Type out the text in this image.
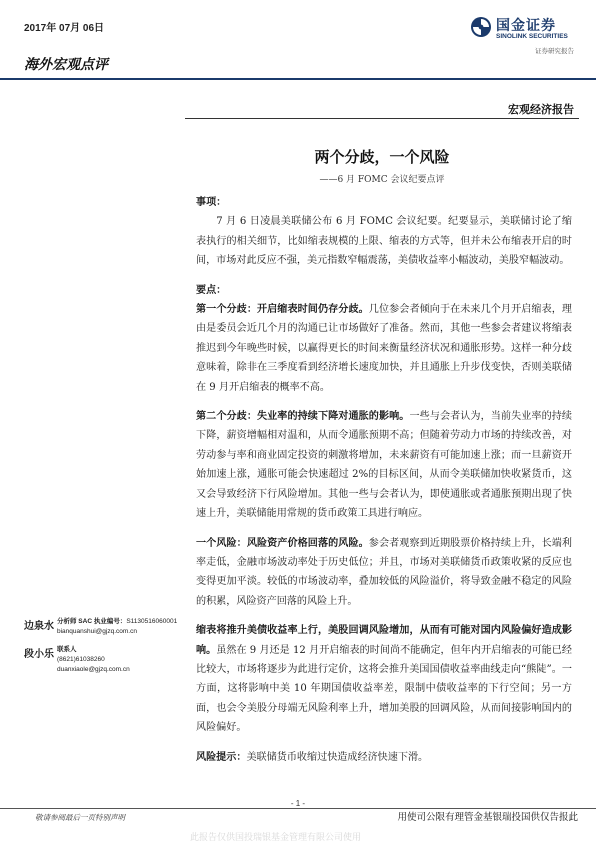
2017年 07月 06日	国金证券
SINOLINK SECURITIES
证券研究报告
海外宏观点评
宏观经济报告
两个分歧，一个风险
——6 月 FOMC 会议纪要点评

事项：

7 月 6 日凌晨美联储公布 6 月 FOMC 会议纪要。纪要显示，美联储讨论了缩表执行的相关细节，比如缩表规模的上限、缩表的方式等，但并未公布缩表开启的时间，市场对此反应不强，美元指数窄幅震荡，美债收益率小幅波动，美股窄幅波动。

要点：

第一个分歧：开启缩表时间仍存分歧。几位参会者倾向于在未来几个月开启缩表，理由是委员会近几个月的沟通已让市场做好了准备。然而，其他一些参会者建议将缩表推迟到今年晚些时候，以赢得更长的时间来衡量经济状况和通胀形势。这样一种分歧意味着，除非在三季度看到经济增长速度加快，并且通胀上升步伐变快，否则美联储在 9 月开启缩表的概率不高。

第二个分歧：失业率的持续下降对通胀的影响。一些与会者认为，当前失业率的持续下降，薪资增幅相对温和，从而令通胀预期不高；但随着劳动力市场的持续改善，对劳动参与率和商业固定投资的刺激将增加，未来薪资有可能加速上涨；而一旦薪资开始加速上涨，通胀可能会快速超过 2%的目标区间，从而令美联储加快收紧货币，这又会导致经济下行风险增加。其他一些与会者认为，即使通胀或者通胀预期出现了快速上升，美联储能用常规的货币政策工具进行响应。

一个风险：风险资产价格回落的风险。参会者观察到近期股票价格持续上升，长端利率走低，金融市场波动率处于历史低位；并且，市场对美联储货币政策收紧的反应也变得更加平淡。较低的市场波动率，叠加较低的风险溢价，将导致金融不稳定的风险的积累，风险资产回落的风险上升。

缩表将推升美债收益率上行，美股回调风险增加，从而有可能对国内风险偏好造成影响。虽然在 9 月还是 12 月开启缩表的时间尚不能确定，但年内开启缩表的可能已经比较大，市场将逐步为此进行定价，这将会推升美国国债收益率曲线走向“熊陡”。一方面，这将影响中美 10 年期国债收益率差，限制中债收益率的下行空间；另一方面，也会令美股分母端无风险利率上升，增加美股的回调风险，从而间接影响国内的风险偏好。

风险提示：美联储货币收缩过快造成经济快速下滑。

边泉水 分析师 SAC 执业编号：S1130516060001
bianquanshui@gjzq.com.cn
段小乐 联系人
(8621)61038260
duanxiaole@gjzq.com.cn
- 1 -
敬请参阅最后一页特别声明	用使司公限有理管金基银瑞投国供仅告报此
此报告仅供国投瑞银基金管理有限公司使用
